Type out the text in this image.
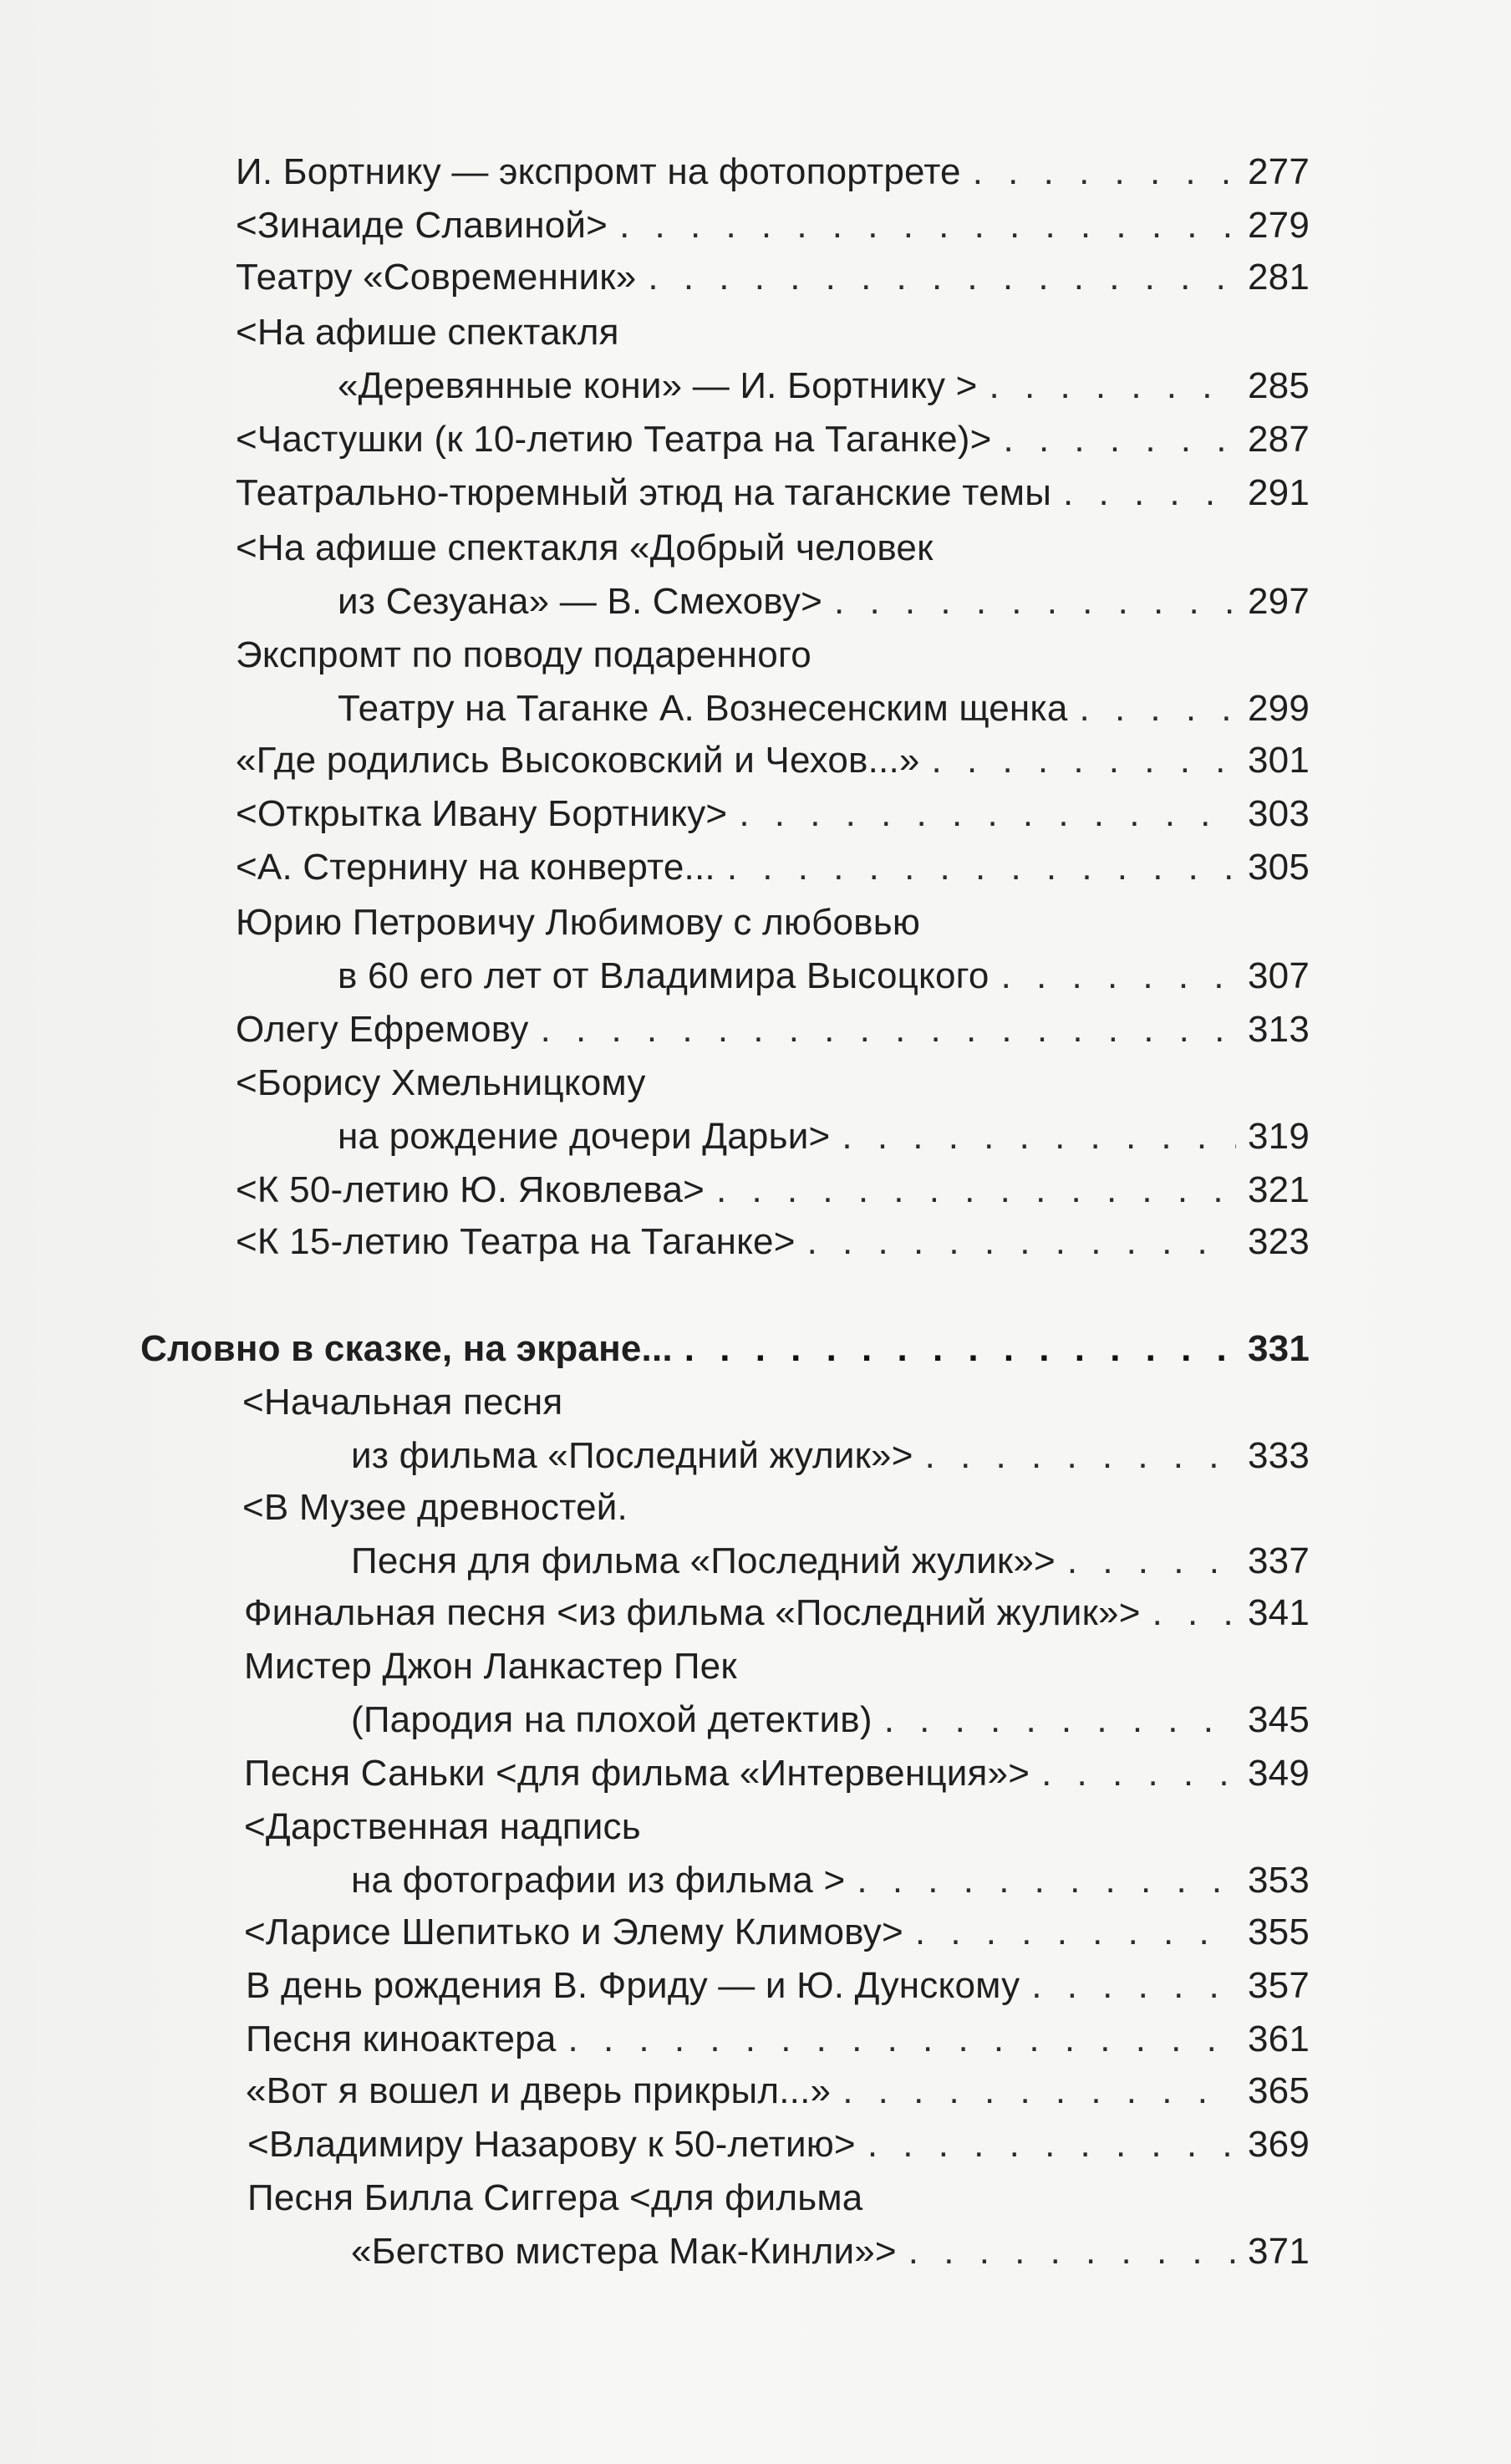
И. Бортнику — экспромт на фотопортрете . . .	277
<Зинаиде Славиной> . . .	279
Театру «Современник» . . .	281
<На афише спектакля
«Деревянные кони» — И. Бортнику > . . .	285
<Частушки (к 10-летию Театра на Таганке)> . . .	287
Театрально-тюремный этюд на таганские темы . . .	291
<На афише спектакля «Добрый человек
из Сезуана» — В. Смехову> . . .	297
Экспромт по поводу подаренного
Театру на Таганке А. Вознесенским щенка . . .	299
«Где родились Высоковский и Чехов...» . . .	301
<Открытка Ивану Бортнику> . . .	303
<А. Стернину на конверте... . . .	305
Юрию Петровичу Любимову с любовью
в 60 его лет от Владимира Высоцкого . . .	307
Олегу Ефремову . . .	313
<Борису Хмельницкому
на рождение дочери Дарьи> . . .	319
<К 50-летию Ю. Яковлева> . . .	321
<К 15-летию Театра на Таганке> . . .	323
Словно в сказке, на экране... . . .	331
<Начальная песня
из фильма «Последний жулик»> . . .	333
<В Музее древностей.
Песня для фильма «Последний жулик»> . . .	337
Финальная песня <из фильма «Последний жулик»> . . .	341
Мистер Джон Ланкастер Пек
(Пародия на плохой детектив) . . .	345
Песня Саньки <для фильма «Интервенция»> . . .	349
<Дарственная надпись
на фотографии из фильма > . . .	353
<Ларисе Шепитько и Элему Климову> . . .	355
В день рождения В. Фриду — и Ю. Дунскому . . .	357
Песня киноактера . . .	361
«Вот я вошел и дверь прикрыл...» . . .	365
<Владимиру Назарову к 50-летию> . . .	369
Песня Билла Сиггера <для фильма
«Бегство мистера Мак-Кинли»> . . .	371
